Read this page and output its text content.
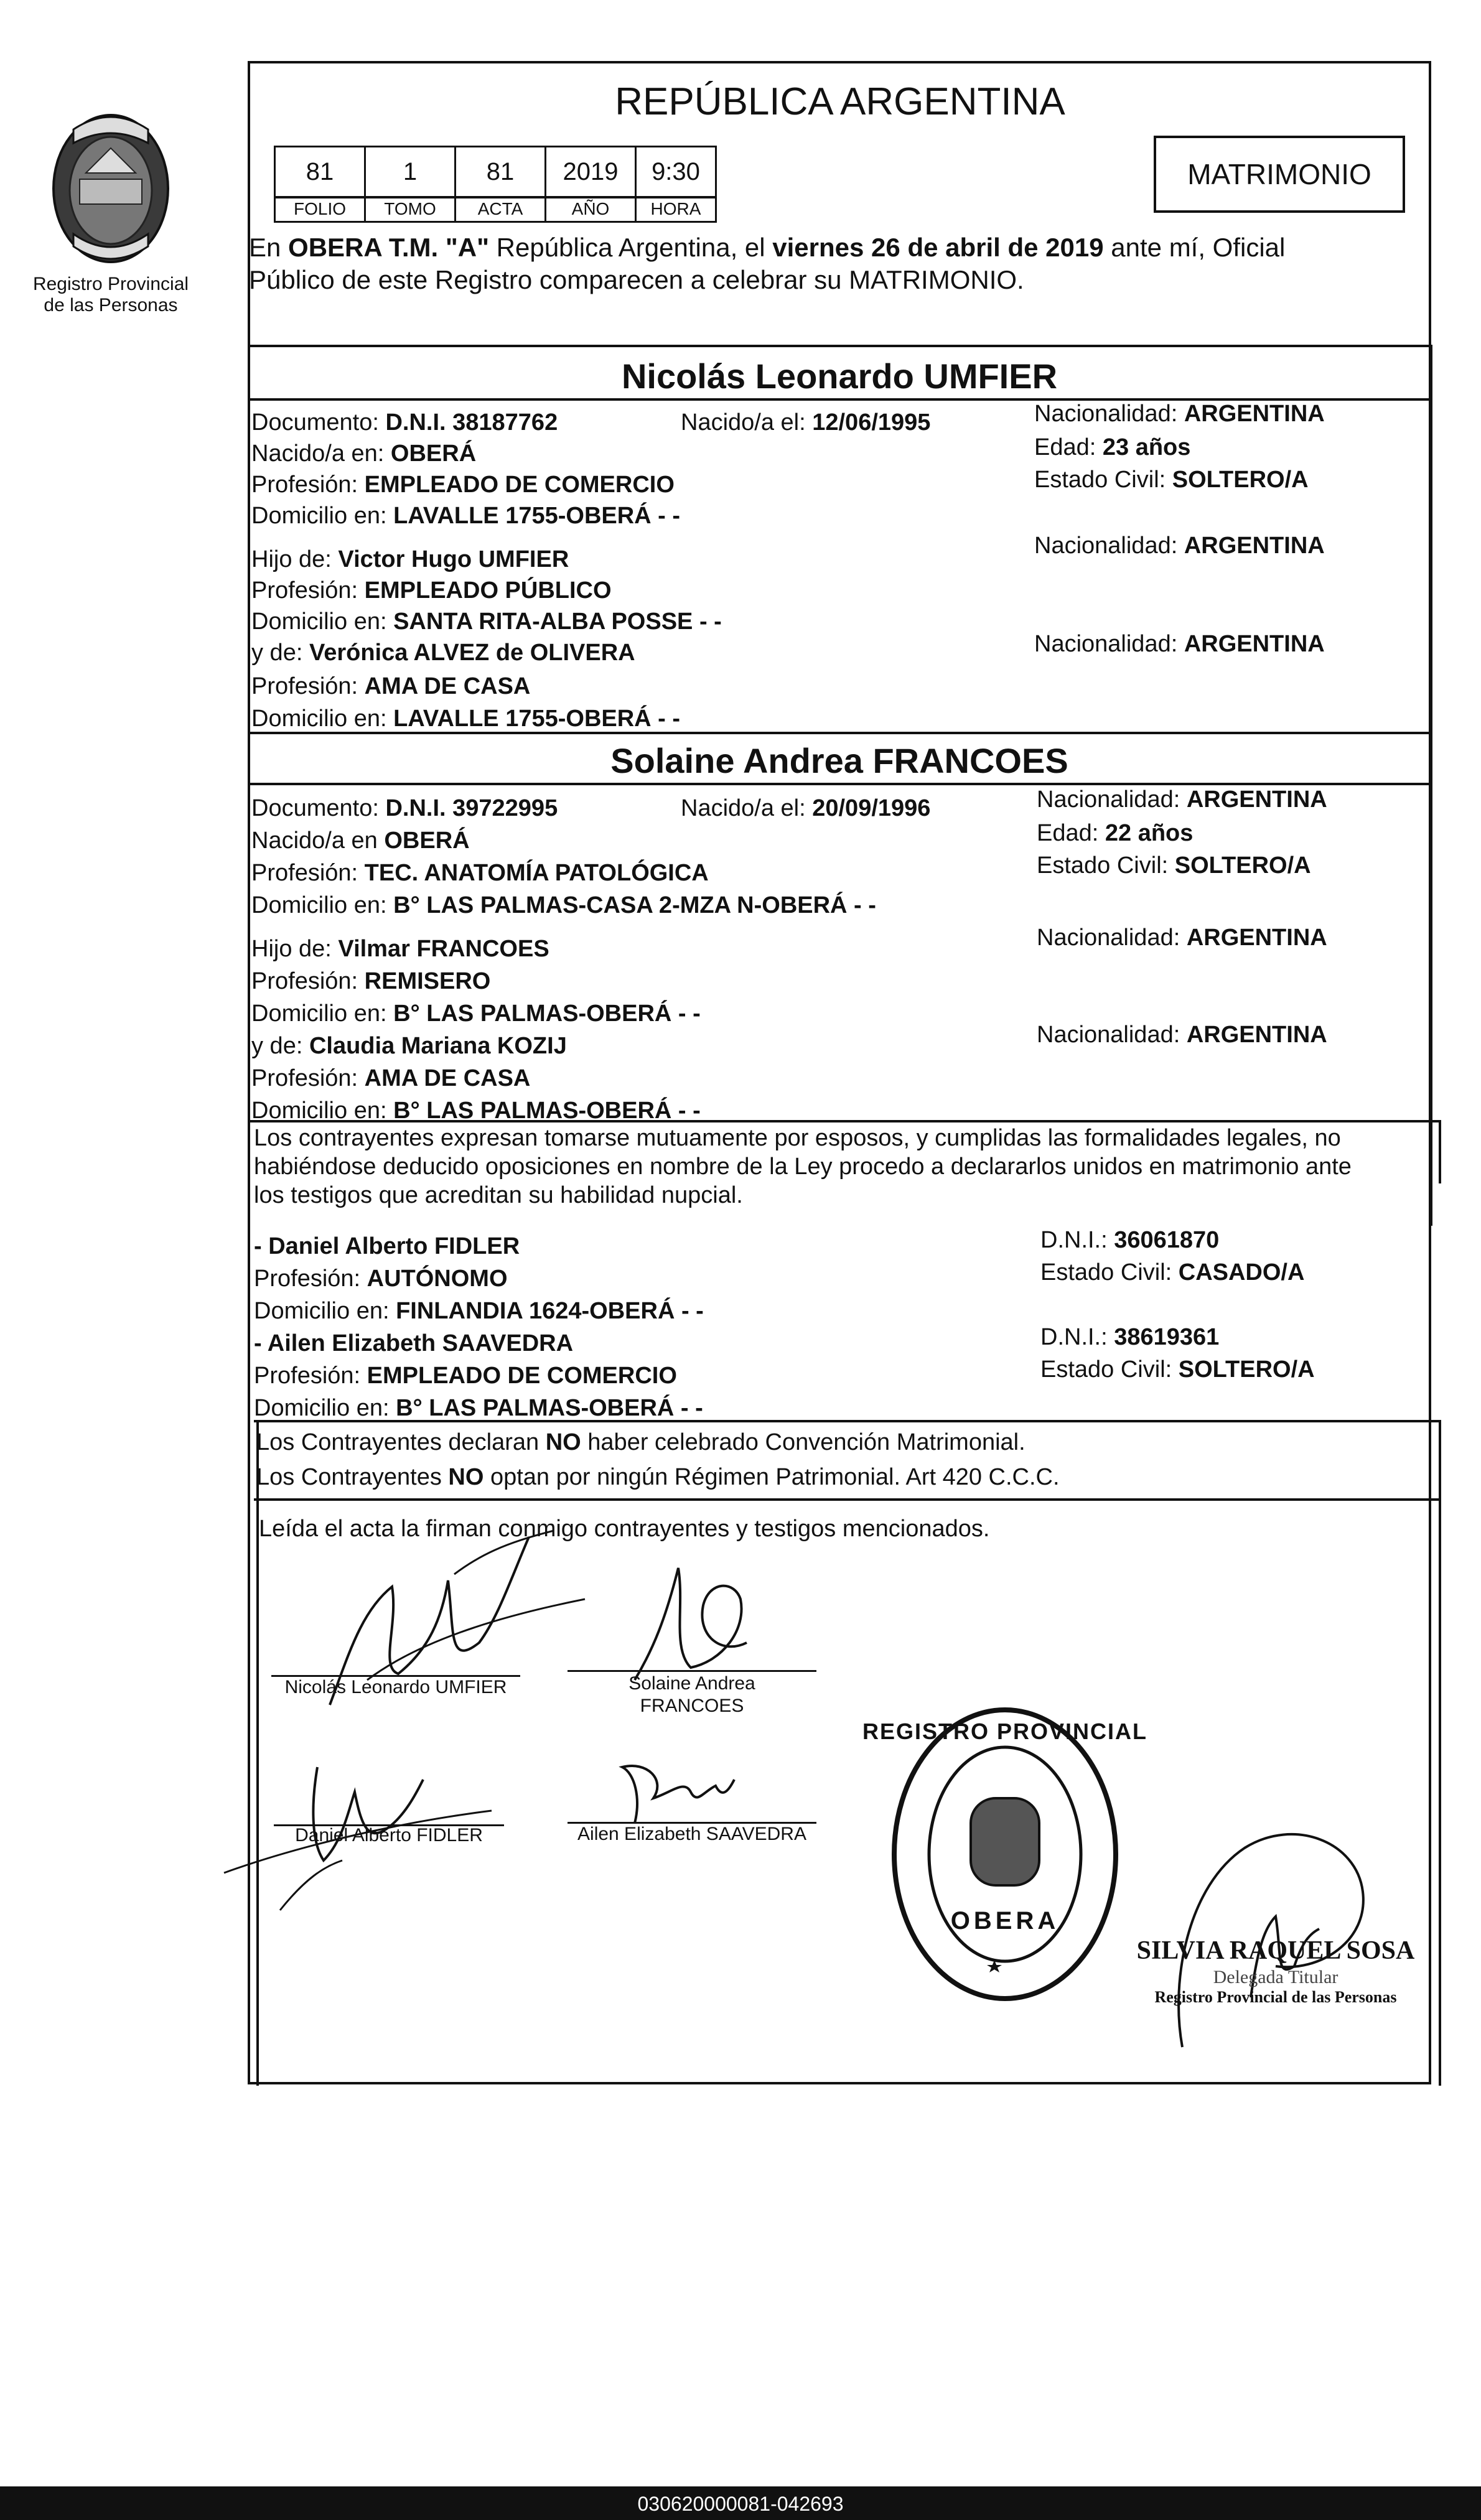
Registro Provincial
de las Personas
REPÚBLICA ARGENTINA
MATRIMONIO
81	1	81	2019	9:30
FOLIO	TOMO	ACTA	AÑO	HORA
En OBERA T.M. "A" República Argentina, el viernes 26 de abril de 2019 ante mí, Oficial
Público de este Registro comparecen a celebrar su MATRIMONIO.
Nicolás Leonardo UMFIER
Documento: D.N.I. 38187762	Nacido/a el: 12/06/1995
Nacido/a en: OBERÁ
Profesión: EMPLEADO DE COMERCIO
Domicilio en: LAVALLE 1755-OBERÁ - -
Hijo de: Victor Hugo UMFIER
Profesión: EMPLEADO PÚBLICO
Domicilio en: SANTA RITA-ALBA POSSE - -
y de: Verónica ALVEZ de OLIVERA
Profesión: AMA DE CASA
Domicilio en: LAVALLE 1755-OBERÁ - -
Nacionalidad: ARGENTINA
Edad: 23 años
Estado Civil: SOLTERO/A
Nacionalidad: ARGENTINA
Nacionalidad: ARGENTINA
Solaine Andrea FRANCOES
Documento: D.N.I. 39722995	Nacido/a el: 20/09/1996
Nacido/a en OBERÁ
Profesión: TEC. ANATOMÍA PATOLÓGICA
Domicilio en: B° LAS PALMAS-CASA 2-MZA N-OBERÁ - -
Hijo de: Vilmar FRANCOES
Profesión: REMISERO
Domicilio en: B° LAS PALMAS-OBERÁ - -
y de: Claudia Mariana KOZIJ
Profesión: AMA DE CASA
Domicilio en: B° LAS PALMAS-OBERÁ - -
Nacionalidad: ARGENTINA
Edad: 22 años
Estado Civil: SOLTERO/A
Nacionalidad: ARGENTINA
Nacionalidad: ARGENTINA
Los contrayentes expresan tomarse mutuamente por esposos, y cumplidas las formalidades legales, no
habiéndose deducido oposiciones en nombre de la Ley procedo a declararlos unidos en matrimonio ante
los testigos que acreditan su habilidad nupcial.
- Daniel Alberto FIDLER
Profesión: AUTÓNOMO
Domicilio en: FINLANDIA 1624-OBERÁ - -
- Ailen Elizabeth SAAVEDRA
Profesión: EMPLEADO DE COMERCIO
Domicilio en: B° LAS PALMAS-OBERÁ - -
D.N.I.: 36061870
Estado Civil: CASADO/A
D.N.I.: 38619361
Estado Civil: SOLTERO/A
Los Contrayentes declaran NO haber celebrado Convención Matrimonial.
Los Contrayentes NO optan por ningún Régimen Patrimonial. Art 420 C.C.C.
Leída el acta la firman conmigo contrayentes y testigos mencionados.
Nicolás Leonardo UMFIER	Solaine Andrea
FRANCOES
Daniel Alberto FIDLER	Ailen Elizabeth SAAVEDRA
REGISTRO PROVINCIAL
OBERA
SILVIA RAQUEL SOSA
Delegada Titular
Registro Provincial de las Personas
030620000081-042693
